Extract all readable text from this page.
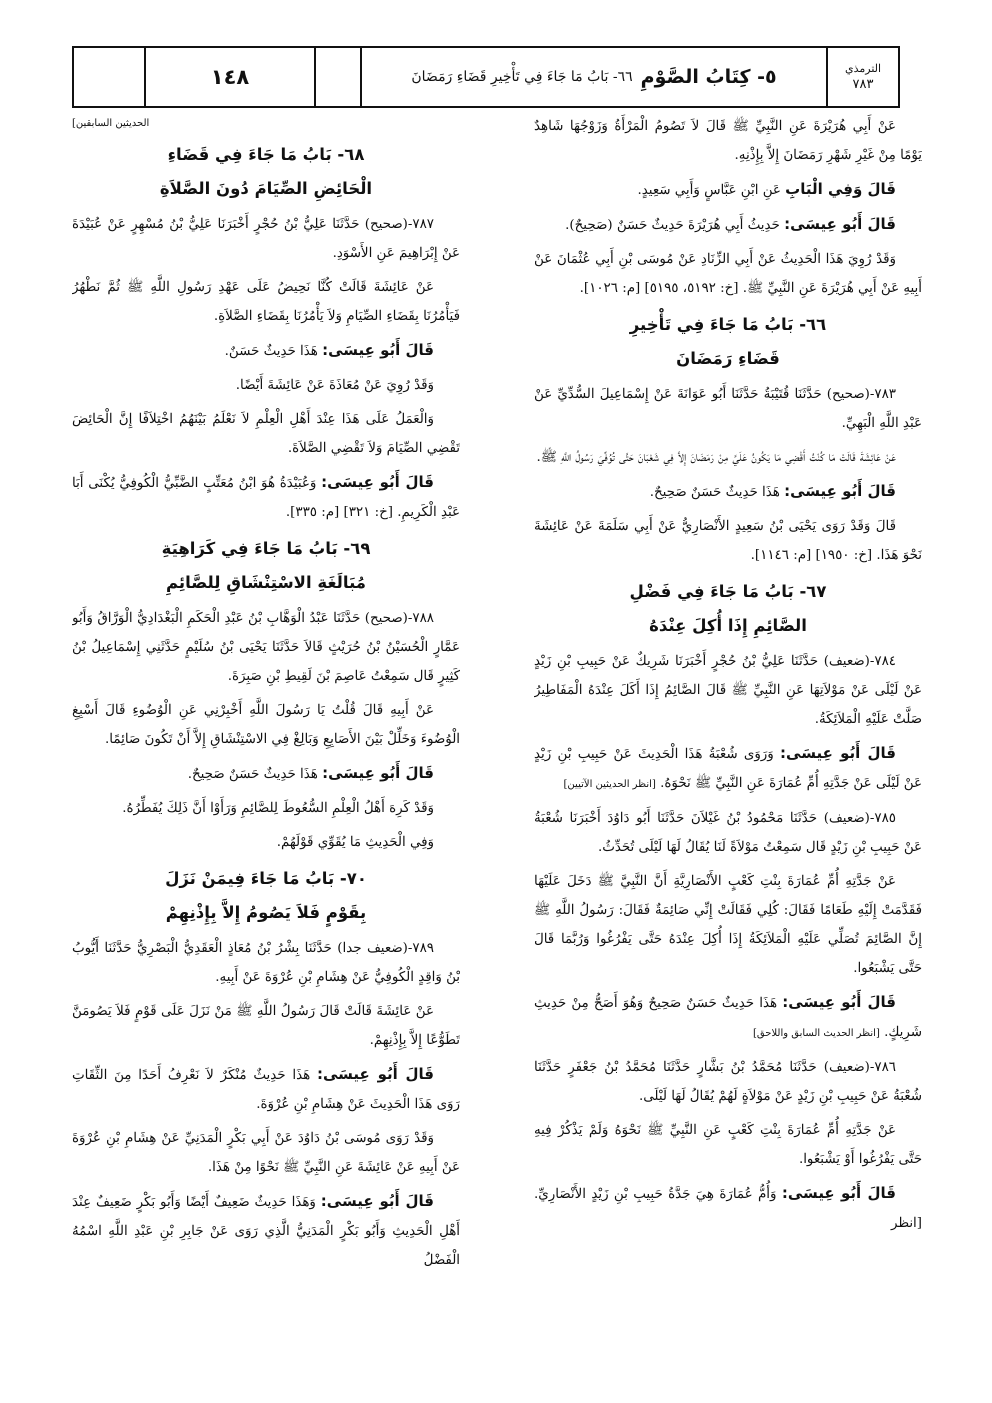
الترمذي
٧٨٣
٥- كِتَابُ الصَّوْمِ
٦٦- بَابُ مَا جَاءَ فِي تَأْخِيرِ قَضَاءِ رَمَضَانَ
١٤٨

عَنْ أَبِي هُرَيْرَةَ عَنِ النَّبِيِّ ﷺ قَالَ لاَ تَصُومُ الْمَرْأَةُ وَزَوْجُهَا شَاهِدٌ يَوْمًا مِنْ غَيْرِ شَهْرِ رَمَضَانَ إِلاَّ بِإِذْنِهِ.

قَالَ وَفِي الْبَابِ عَنِ ابْنِ عَبَّاسٍ وَأَبِي سَعِيدٍ.

قَالَ أَبُو عِيسَى: حَدِيثُ أَبِي هُرَيْرَةَ حَدِيثٌ حَسَنٌ (صَحِيحٌ).

وَقَدْ رُوِيَ هَذَا الْحَدِيثُ عَنْ أَبِي الزِّنَادِ عَنْ مُوسَى بْنِ أَبِي عُثْمَانَ عَنْ أَبِيهِ عَنْ أَبِي هُرَيْرَةَ عَنِ النَّبِيِّ ﷺ. [خ: ٥١٩٢، ٥١٩٥] [م: ١٠٢٦].

٦٦- بَابُ مَا جَاءَ فِي تَأْخِيرِ
قَضَاءِ رَمَضَانَ

٧٨٣-(صحيح) حَدَّثَنَا قُتَيْبَةُ حَدَّثَنَا أَبُو عَوَانَةَ عَنْ إِسْمَاعِيلَ السُّدِّيِّ عَنْ عَبْدِ اللَّهِ الْبَهِيِّ.

عَنْ عَائِشَةَ قَالَتْ مَا كُنْتُ أَقْضِي مَا يَكُونُ عَلَيَّ مِنْ رَمَضَانَ إِلاَّ فِي شَعْبَانَ حَتَّى تُوُفِّيَ رَسُولُ اللَّهِ ﷺ.

قَالَ أَبُو عِيسَى: هَذَا حَدِيثٌ حَسَنٌ صَحِيحٌ.

قَالَ وَقَدْ رَوَى يَحْيَى بْنُ سَعِيدٍ الأَنْصَارِيُّ عَنْ أَبِي سَلَمَةَ عَنْ عَائِشَةَ نَحْوَ هَذَا. [خ: ١٩٥٠] [م: ١١٤٦].

٦٧- بَابُ مَا جَاءَ فِي فَضْلِ
الصَّائِمِ إِذَا أُكِلَ عِنْدَهُ

٧٨٤-(ضعيف) حَدَّثَنَا عَلِيُّ بْنُ حُجْرٍ أَخْبَرَنَا شَرِيكٌ عَنْ حَبِيبِ بْنِ زَيْدٍ عَنْ لَيْلَى عَنْ مَوْلاَتِهَا عَنِ النَّبِيِّ ﷺ قَالَ الصَّائِمُ إِذَا أَكَلَ عِنْدَهُ الْمَفَاطِيرُ صَلَّتْ عَلَيْهِ الْمَلاَئِكَةُ.

قَالَ أَبُو عِيسَى: وَرَوَى شُعْبَةُ هَذَا الْحَدِيثَ عَنْ حَبِيبِ بْنِ زَيْدٍ عَنْ لَيْلَى عَنْ جَدَّتِهِ أُمِّ عُمَارَةَ عَنِ النَّبِيِّ ﷺ نَحْوَهُ. [انظر الحديثين الآتيين]

٧٨٥-(ضعيف) حَدَّثَنَا مَحْمُودُ بْنُ غَيْلاَنَ حَدَّثَنَا أَبُو دَاوُدَ أَخْبَرَنَا شُعْبَةُ عَنْ حَبِيبِ بْنِ زَيْدٍ قَال سَمِعْتُ مَوْلاَةً لَنَا يُقَالُ لَهَا لَيْلَى تُحَدِّثُ.

عَنْ جَدَّتِهِ أُمِّ عُمَارَةَ بِنْتِ كَعْبٍ الأَنْصَارِيَّةِ أَنَّ النَّبِيَّ ﷺ دَخَلَ عَلَيْهَا فَقَدَّمَتْ إِلَيْهِ طَعَامًا فَقَالَ: كُلِي فَقَالَتْ إِنِّي صَائِمَةٌ فَقَالَ: رَسُولُ اللَّهِ ﷺ إِنَّ الصَّائِمَ تُصَلِّي عَلَيْهِ الْمَلاَئِكَةُ إِذَا أُكِلَ عِنْدَهُ حَتَّى يَفْرُغُوا وَرُبَّمَا قَالَ حَتَّى يَشْبَعُوا.

قَالَ أَبُو عِيسَى: هَذَا حَدِيثٌ حَسَنٌ صَحِيحٌ وَهُوَ أَصَحُّ مِنْ حَدِيثِ شَرِيكٍ. [انظر الحديث السابق واللاحق]

٧٨٦-(ضعيف) حَدَّثَنَا مُحَمَّدُ بْنُ بَشَّارٍ حَدَّثَنَا مُحَمَّدُ بْنُ جَعْفَرٍ حَدَّثَنَا شُعْبَةُ عَنْ حَبِيبِ بْنِ زَيْدٍ عَنْ مَوْلاَةٍ لَهُمْ يُقَالُ لَهَا لَيْلَى.

عَنْ جَدَّتِهِ أُمِّ عُمَارَةَ بِنْتِ كَعْبٍ عَنِ النَّبِيِّ ﷺ نَحْوَهُ وَلَمْ يَذْكُرْ فِيهِ حَتَّى يَفْرُغُوا أَوْ يَشْبَعُوا.

قَالَ أَبُو عِيسَى: وَأُمُّ عُمَارَةَ هِيَ جَدَّةُ حَبِيبِ بْنِ زَيْدٍ الأَنْصَارِيِّ. [انظر

الحديثين السابقين]
٦٨- بَابُ مَا جَاءَ فِي قَضَاءِ
الْحَائِضِ الصِّيَامَ دُونَ الصَّلاَةِ

٧٨٧-(صحيح) حَدَّثَنَا عَلِيُّ بْنُ حُجْرٍ أَخْبَرَنَا عَلِيُّ بْنُ مُسْهِرٍ عَنْ عُبَيْدَةَ عَنْ إِبْرَاهِيمَ عَنِ الأَسْوَدِ.

عَنْ عَائِشَةَ قَالَتْ كُنَّا نَحِيضُ عَلَى عَهْدِ رَسُولِ اللَّهِ ﷺ ثُمَّ نَطْهُرُ فَيَأْمُرُنَا بِقَضَاءِ الصِّيَامِ وَلاَ يَأْمُرُنَا بِقَضَاءِ الصَّلاَةِ.

قَالَ أَبُو عِيسَى: هَذَا حَدِيثٌ حَسَنٌ.

وَقَدْ رُوِيَ عَنْ مُعَاذَةَ عَنْ عَائِشَةَ أَيْضًا.

وَالْعَمَلُ عَلَى هَذَا عِنْدَ أَهْلِ الْعِلْمِ لاَ نَعْلَمُ بَيْنَهُمُ اخْتِلاَفًا إِنَّ الْحَائِضَ تَقْضِي الصِّيَامَ وَلاَ تَقْضِي الصَّلاَةَ.

قَالَ أَبُو عِيسَى: وَعُبَيْدَةُ هُوَ ابْنُ مُعَتِّبٍ الضَّبِّيُّ الْكُوفِيُّ يُكْنَى أَبَا عَبْدِ الْكَرِيمِ. [خ: ٣٢١] [م: ٣٣٥].

٦٩- بَابُ مَا جَاءَ فِي كَرَاهِيَةِ
مُبَالَغَةِ الاسْتِنْشَاقِ لِلصَّائِمِ

٧٨٨-(صحيح) حَدَّثَنَا عَبْدُ الْوَهَّابِ بْنُ عَبْدِ الْحَكَمِ الْبَغْدَادِيُّ الْوَرَّاقُ وَأَبُو عَمَّارٍ الْحُسَيْنُ بْنُ حُرَيْثٍ قَالاَ حَدَّثَنَا يَحْيَى بْنُ سُلَيْمٍ حَدَّثَنِي إِسْمَاعِيلُ بْنُ كَثِيرٍ قَال سَمِعْتُ عَاصِمَ بْنَ لَقِيطِ بْنِ صَبِرَةَ.

عَنْ أَبِيهِ قَالَ قُلْتُ يَا رَسُولَ اللَّهِ أَخْبِرْنِي عَنِ الْوُضُوءِ قَالَ أَسْبِغِ الْوُضُوءَ وَخَلِّلْ بَيْنَ الأَصَابِعِ وَبَالِغْ فِي الاسْتِنْشَاقِ إِلاَّ أَنْ تَكُونَ صَائِمًا.

قَالَ أَبُو عِيسَى: هَذَا حَدِيثٌ حَسَنٌ صَحِيحٌ.

وَقَدْ كَرِهَ أَهْلُ الْعِلْمِ السُّعُوطَ لِلصَّائِمِ وَرَأَوْا أَنَّ ذَلِكَ يُفَطِّرُهُ.

وَفِي الْحَدِيثِ مَا يُقَوِّي قَوْلَهُمْ.

٧٠- بَابُ مَا جَاءَ فِيمَنْ نَزَلَ
بِقَوْمٍ فَلاَ يَصُومُ إِلاَّ بِإِذْنِهِمْ

٧٨٩-(ضعيف جدا) حَدَّثَنَا بِشْرُ بْنُ مُعَاذٍ الْعَقَدِيُّ الْبَصْرِيُّ حَدَّثَنَا أَيُّوبُ بْنُ وَاقِدٍ الْكُوفِيُّ عَنْ هِشَامِ بْنِ عُرْوَةَ عَنْ أَبِيهِ.

عَنْ عَائِشَةَ قَالَتْ قَالَ رَسُولُ اللَّهِ ﷺ مَنْ نَزَلَ عَلَى قَوْمٍ فَلاَ يَصُومَنَّ تَطَوُّعًا إِلاَّ بِإِذْنِهِمْ.

قَالَ أَبُو عِيسَى: هَذَا حَدِيثٌ مُنْكَرٌ لاَ نَعْرِفُ أَحَدًا مِنَ الثِّقَاتِ رَوَى هَذَا الْحَدِيثَ عَنْ هِشَامِ بْنِ عُرْوَةَ.

وَقَدْ رَوَى مُوسَى بْنُ دَاوُدَ عَنْ أَبِي بَكْرٍ الْمَدَنِيِّ عَنْ هِشَامِ بْنِ عُرْوَةَ عَنْ أَبِيهِ عَنْ عَائِشَةَ عَنِ النَّبِيِّ ﷺ نَحْوًا مِنْ هَذَا.

قَالَ أَبُو عِيسَى: وَهَذَا حَدِيثٌ ضَعِيفٌ أَيْضًا وَأَبُو بَكْرٍ ضَعِيفٌ عِنْدَ أَهْلِ الْحَدِيثِ وَأَبُو بَكْرٍ الْمَدَنِيُّ الَّذِي رَوَى عَنْ جَابِرِ بْنِ عَبْدِ اللَّهِ اسْمُهُ الْفَضْلُ
